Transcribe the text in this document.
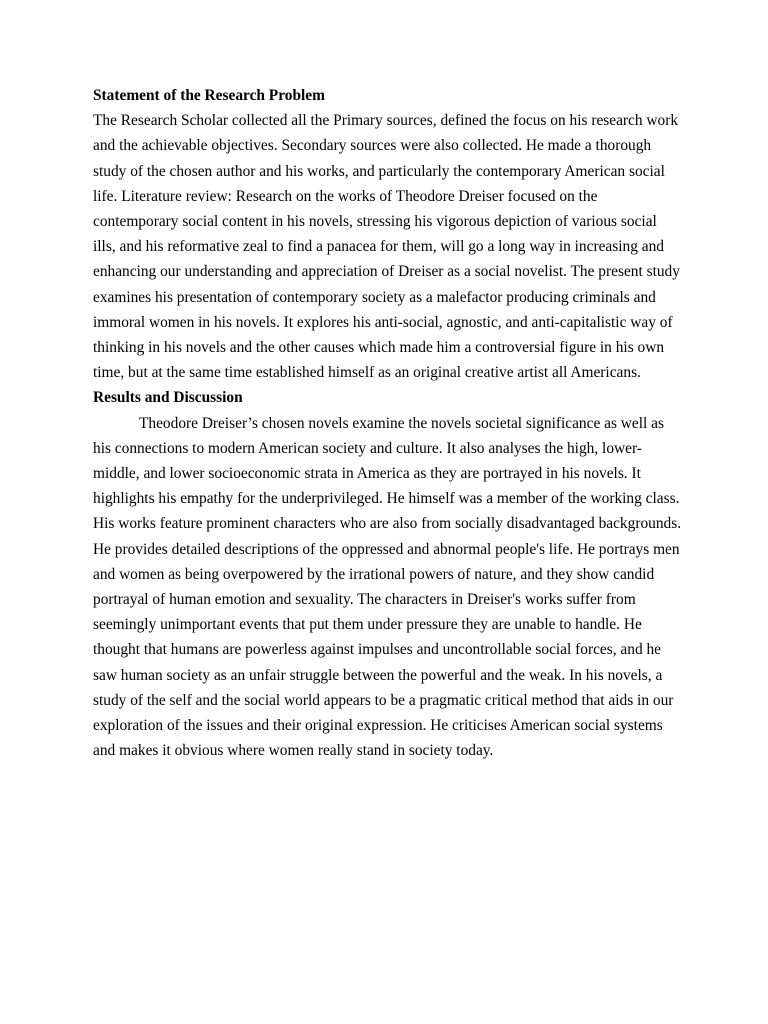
Statement of the Research Problem

The Research Scholar collected all the Primary sources, defined the focus on his research work and the achievable objectives. Secondary sources were also collected. He made a thorough study of the chosen author and his works, and particularly the contemporary American social life. Literature review: Research on the works of Theodore Dreiser focused on the contemporary social content in his novels, stressing his vigorous depiction of various social ills, and his reformative zeal to find a panacea for them, will go a long way in increasing and enhancing our understanding and appreciation of Dreiser as a social novelist. The present study examines his presentation of contemporary society as a malefactor producing criminals and immoral women in his novels. It explores his anti-social, agnostic, and anti-capitalistic way of thinking in his novels and the other causes which made him a controversial figure in his own time, but at the same time established himself as an original creative artist all Americans.

Results and Discussion

Theodore Dreiser’s chosen novels examine the novels societal significance as well as his connections to modern American society and culture. It also analyses the high, lower-middle, and lower socioeconomic strata in America as they are portrayed in his novels. It highlights his empathy for the underprivileged. He himself was a member of the working class. His works feature prominent characters who are also from socially disadvantaged backgrounds. He provides detailed descriptions of the oppressed and abnormal people's life. He portrays men and women as being overpowered by the irrational powers of nature, and they show candid portrayal of human emotion and sexuality. The characters in Dreiser's works suffer from seemingly unimportant events that put them under pressure they are unable to handle. He thought that humans are powerless against impulses and uncontrollable social forces, and he saw human society as an unfair struggle between the powerful and the weak. In his novels, a study of the self and the social world appears to be a pragmatic critical method that aids in our exploration of the issues and their original expression. He criticises American social systems and makes it obvious where women really stand in society today.
